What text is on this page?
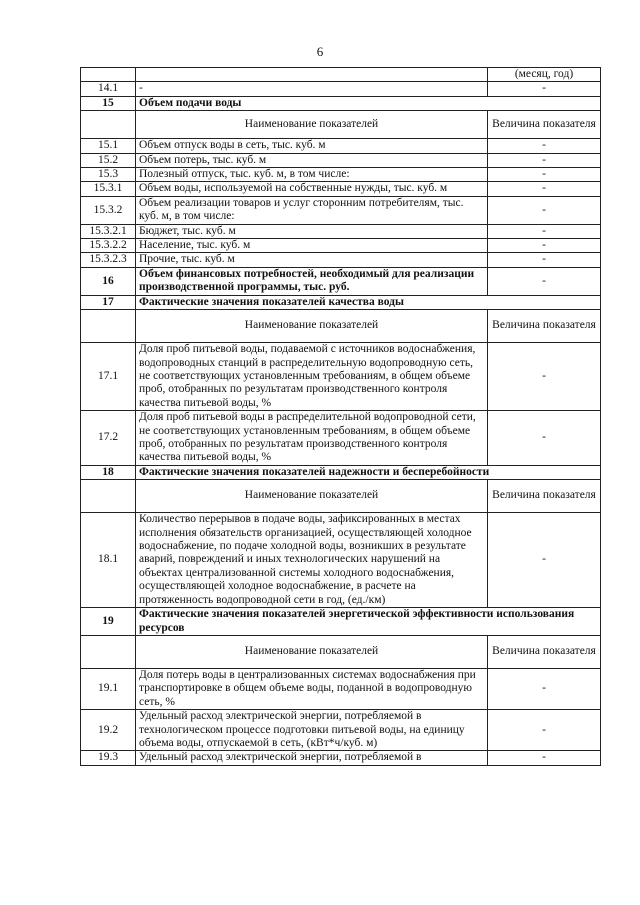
6
		(месяц, год)
14.1	-	-
15	Объем подачи воды	
	Наименование показателей	Величина показателя
15.1	Объем отпуск воды в сеть, тыс. куб. м	-
15.2	Объем потерь, тыс. куб. м	-
15.3	Полезный отпуск, тыс. куб. м, в том числе:	-
15.3.1	Объем воды, используемой на собственные нужды, тыс. куб. м	-
15.3.2	Объем реализации товаров и услуг сторонним потребителям, тыс. куб. м, в том числе:	-
15.3.2.1	Бюджет, тыс. куб. м	-
15.3.2.2	Население, тыс. куб. м	-
15.3.2.3	Прочие, тыс. куб. м	-
16	Объем финансовых потребностей, необходимый для реализации производственной программы, тыс. руб.	-
17	Фактические значения показателей качества воды	
	Наименование показателей	Величина показателя
17.1	Доля проб питьевой воды, подаваемой с источников водоснабжения, водопроводных станций в распределительную водопроводную сеть, не соответствующих установленным требованиям, в общем объеме проб, отобранных по результатам производственного контроля качества питьевой воды, %	-
17.2	Доля проб питьевой воды в распределительной водопроводной сети, не соответствующих установленным требованиям, в общем объеме проб, отобранных по результатам производственного контроля качества питьевой воды, %	-
18	Фактические значения показателей надежности и бесперебойности	
	Наименование показателей	Величина показателя
18.1	Количество перерывов в подаче воды, зафиксированных в местах исполнения обязательств организацией, осуществляющей холодное водоснабжение, по подаче холодной воды, возникших в результате аварий, повреждений и иных технологических нарушений на объектах централизованной системы холодного водоснабжения, осуществляющей холодное водоснабжение, в расчете на протяженность водопроводной сети в год, (ед./км)	-
19	Фактические значения показателей энергетической эффективности использования ресурсов	
	Наименование показателей	Величина показателя
19.1	Доля потерь воды в централизованных системах водоснабжения при транспортировке в общем объеме воды, поданной в водопроводную сеть, %	-
19.2	Удельный расход электрической энергии, потребляемой в технологическом процессе подготовки питьевой воды, на единицу объема воды, отпускаемой в сеть, (кВт*ч/куб. м)	-
19.3	Удельный расход электрической энергии, потребляемой в	-
